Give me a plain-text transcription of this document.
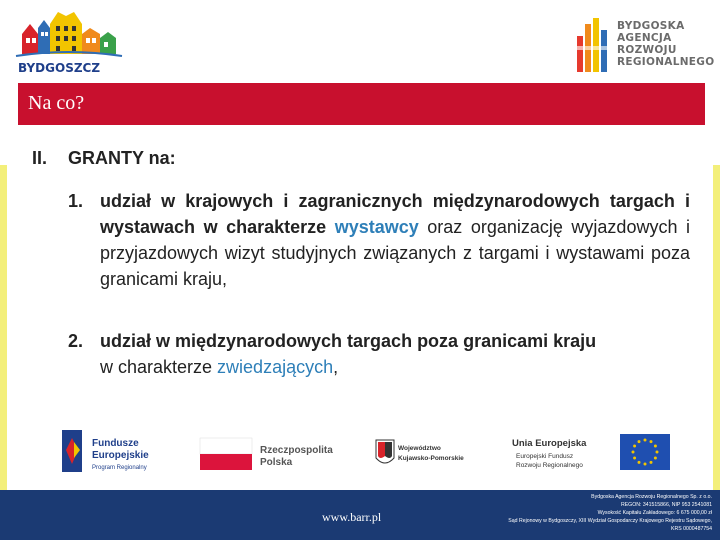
BYDGOSZCZ
BYDGOSKA
AGENCJA
ROZWOJU
REGIONALNEGO
Na co?
II. GRANTY na:
1. udział w krajowych i zagranicznych międzynarodowych targach i wystawach w charakterze wystawcy oraz organizację wyjazdowych i przyjazdowych wizyt studyjnych związanych z targami i wystawami poza granicami kraju,
2. udział w międzynarodowych targach poza granicami kraju
w charakterze zwiedzających,
Fundusze
Europejskie
Program Regionalny
Rzeczpospolita
Polska
Województwo
Kujawsko-Pomorskie
Unia Europejska
Europejski Fundusz
Rozwoju Regionalnego
www.barr.pl
Bydgoska Agencja Rozwoju Regionalnego Sp. z o.o.
REGON: 341515866, NIP 953 2541081
Wysokość Kapitału Zakładowego: 6 675 000,00 zł
Sąd Rejonowy w Bydgoszczy, XIII Wydział Gospodarczy Krajowego Rejestru Sądowego,
KRS 0000487754
